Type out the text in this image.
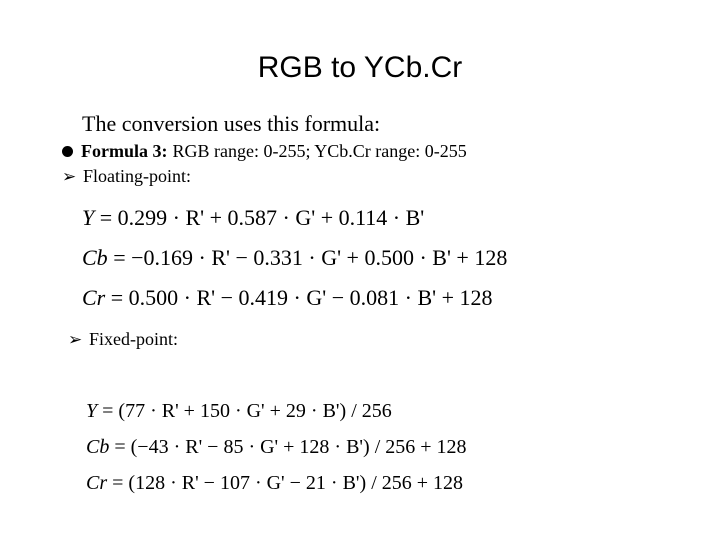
RGB to YCb.Cr
The conversion uses this formula:
Formula 3: RGB range: 0-255; YCb.Cr range: 0-255
➢ Floating-point:
Y = 0.299 · R' + 0.587 · G' + 0.114 · B'
Cb = −0.169 · R' − 0.331 · G' + 0.500 · B' + 128
Cr = 0.500 · R' − 0.419 · G' − 0.081 · B' + 128
➢ Fixed-point:
Y = (77 · R' + 150 · G' + 29 · B') / 256
Cb = (−43 · R' − 85 · G' + 128 · B') / 256 + 128
Cr = (128 · R' − 107 · G' − 21 · B') / 256 + 128
